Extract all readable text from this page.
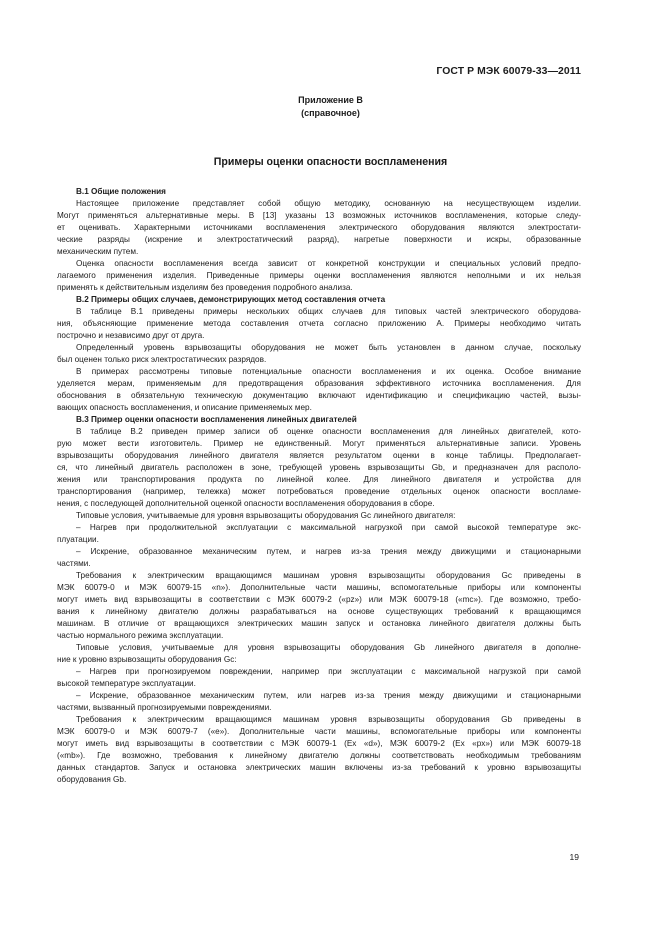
ГОСТ Р МЭК 60079-33—2011
Приложение В
(справочное)
Примеры оценки опасности воспламенения
В.1 Общие положения
Настоящее приложение представляет собой общую методику, основанную на несуществующем изделии.
Могут применяться альтернативные меры. В [13] указаны 13 возможных источников воспламенения, которые следу-
ет оценивать. Характерными источниками воспламенения электрического оборудования являются электростати-
ческие разряды (искрение и электростатический разряд), нагретые поверхности и искры, образованные
механическим путем.
Оценка опасности воспламенения всегда зависит от конкретной конструкции и специальных условий предпо-
лагаемого применения изделия. Приведенные примеры оценки воспламенения являются неполными и их нельзя
применять к действительным изделиям без проведения подробного анализа.
В.2 Примеры общих случаев, демонстрирующих метод составления отчета
В таблице В.1 приведены примеры нескольких общих случаев для типовых частей электрического оборудова-
ния, объясняющие применение метода составления отчета согласно приложению А. Примеры необходимо читать
построчно и независимо друг от друга.
Определенный уровень взрывозащиты оборудования не может быть установлен в данном случае, поскольку
был оценен только риск электростатических разрядов.
В примерах рассмотрены типовые потенциальные опасности воспламенения и их оценка. Особое внимание
уделяется мерам, применяемым для предотвращения образования эффективного источника воспламенения. Для
обоснования в обязательную техническую документацию включают идентификацию и спецификацию частей, вызы-
вающих опасность воспламенения, и описание применяемых мер.
В.3 Пример оценки опасности воспламенения линейных двигателей
В таблице В.2 приведен пример записи об оценке опасности воспламенения для линейных двигателей, кото-
рую может вести изготовитель. Пример не единственный. Могут применяться альтернативные записи. Уровень
взрывозащиты оборудования линейного двигателя является результатом оценки в конце таблицы. Предполагает-
ся, что линейный двигатель расположен в зоне, требующей уровень взрывозащиты Gb, и предназначен для располо-
жения или транспортирования продукта по линейной колее. Для линейного двигателя и устройства для
транспортирования (например, тележка) может потребоваться проведение отдельных оценок опасности воспламе-
нения, с последующей дополнительной оценкой опасности воспламенения оборудования в сборе.
Типовые условия, учитываемые для уровня взрывозащиты оборудования Gc линейного двигателя:
– Нагрев при продолжительной эксплуатации с максимальной нагрузкой при самой высокой температуре экс-
плуатации.
– Искрение, образованное механическим путем, и нагрев из-за трения между движущими и стационарными
частями.
Требования к электрическим вращающимся машинам уровня взрывозащиты оборудования Gc приведены в
МЭК 60079-0 и МЭК 60079-15 «n»). Дополнительные части машины, вспомогательные приборы или компоненты
могут иметь вид взрывозащиты в соответствии с МЭК 60079-2 («pz») или МЭК 60079-18 («mc»). Где возможно, требо-
вания к линейному двигателю должны разрабатываться на основе существующих требований к вращающимся
машинам. В отличие от вращающихся электрических машин запуск и остановка линейного двигателя должны быть
частью нормального режима эксплуатации.
Типовые условия, учитываемые для уровня взрывозащиты оборудования Gb линейного двигателя в дополне-
ние к уровню взрывозащиты оборудования Gc:
– Нагрев при прогнозируемом повреждении, например при эксплуатации с максимальной нагрузкой при самой
высокой температуре эксплуатации.
– Искрение, образованное механическим путем, или нагрев из-за трения между движущими и стационарными
частями, вызванный прогнозируемыми повреждениями.
Требования к электрическим вращающимся машинам уровня взрывозащиты оборудования Gb приведены в
МЭК 60079-0 и МЭК 60079-7 («е»). Дополнительные части машины, вспомогательные приборы или компоненты
могут иметь вид взрывозащиты в соответствии с МЭК 60079-1 (Ех «d»), МЭК 60079-2 (Ех «px») или МЭК 60079-18
(«mb»). Где возможно, требования к линейному двигателю должны соответствовать необходимым требованиям
данных стандартов. Запуск и остановка электрических машин включены из-за требований к уровню взрывозащиты
оборудования Gb.
19
